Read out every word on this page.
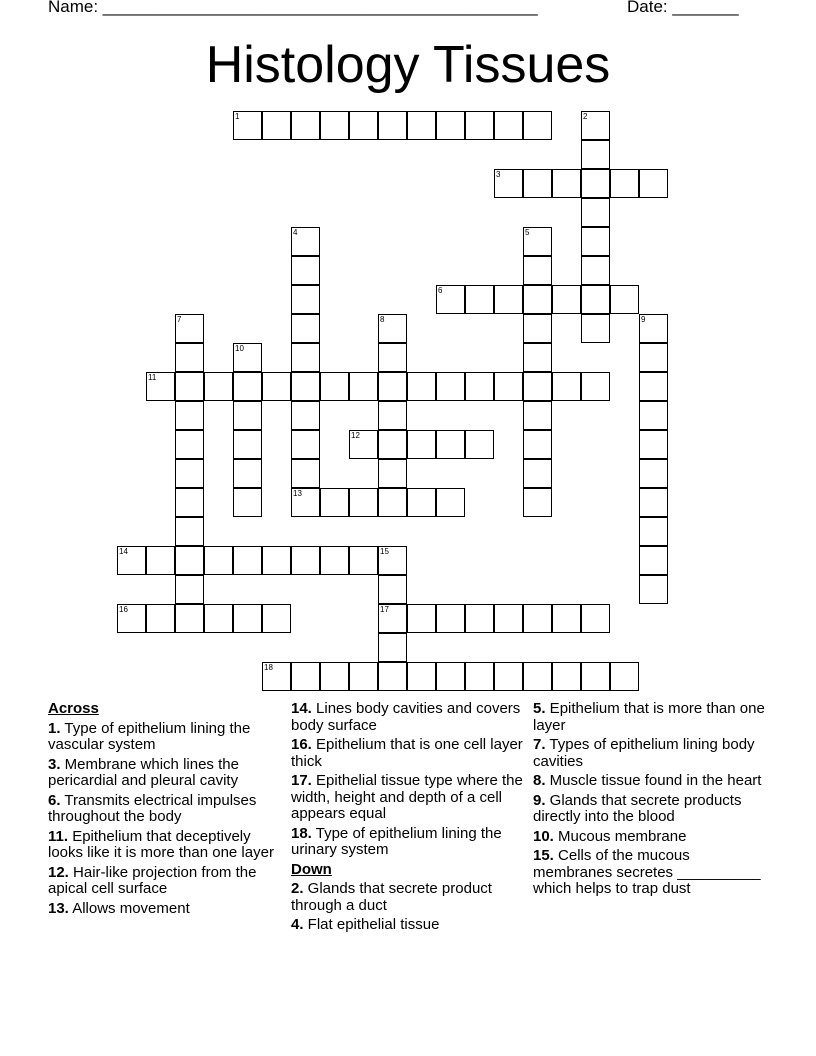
Name: ______________________________________________	Date: _______
Histology Tissues
1
3
6
11
12
13
14
16	17
18
2
4	5
7	8	9
10
15
Across
1. Type of epithelium lining the vascular system
3. Membrane which lines the pericardial and pleural cavity
6. Transmits electrical impulses throughout the body
11. Epithelium that deceptively looks like it is more than one layer
12. Hair-like projection from the apical cell surface
13. Allows movement
14. Lines body cavities and covers body surface
16. Epithelium that is one cell layer thick
17. Epithelial tissue type where the width, height and depth of a cell appears equal
18. Type of epithelium lining the urinary system
Down
2. Glands that secrete product through a duct
4. Flat epithelial tissue
5. Epithelium that is more than one layer
7. Types of epithelium lining body cavities
8. Muscle tissue found in the heart
9. Glands that secrete products directly into the blood
10. Mucous membrane
15. Cells of the mucous membranes secretes __________ which helps to trap dust
